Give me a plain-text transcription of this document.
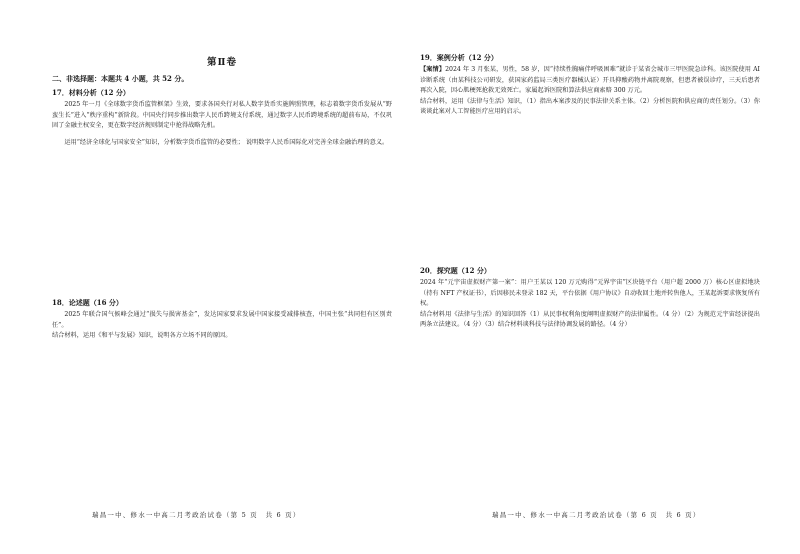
第Ⅱ卷
二、非选择题：本题共 4 小题，共 52 分。
17．材料分析（12 分）
2025 年一月《全球数字货币监管框架》生效，要求各国央行对私人数字货币实施牌照管理，标志着数字货币发展从“野蛮生长”进入“秩序重构”新阶段。中国央行同步推出数字人民币跨境支付系统，通过数字人民币跨境系统的超前布局，不仅巩固了金融主权安全，更在数字经济规则制定中抢得战略先机。
运用“经济全球化与国家安全”知识，分析数字货币监管的必要性； 说明数字人民币国际化对完善全球金融治理的意义。
18．论述题（16 分）
2025 年联合国气候峰会通过“损失与损害基金”，发达国家要求发展中国家接受减排核查，中国主张“共同但有区别责任”。
结合材料，运用《和平与发展》知识，说明各方立场不同的原因。
瑞昌一中、修水一中高二月考政治试卷（第 5 页　共 6 页）
19．案例分析（12 分）
【案情】2024 年 3 月张某，男性，58 岁，因“持续性胸痛伴呼吸困难”就诊于某省会城市三甲医院急诊科。该医院使用 AI 诊断系统（由某科技公司研发，获国家药监局三类医疗器械认证）开具抑酸药物并离院观察，但患者被误诊疗，三天后患者再次入院，因心肌梗死抢救无效死亡。家属起诉医院和算法供应商索赔 300 万元。
结合材料，运用《法律与生活》知识，（1）指出本案涉及的民事法律关系主体。（2）分析医院和供应商的责任划分。（3）你谈谈此案对人工智能医疗应用的启示。
20．探究题（12 分）
2024 年“元宇宙虚拟财产第一案”：用户王某以 120 万元购得“元界宇宙”区块链平台（用户超 2000 万）核心区虚拟地块（持有 NFT 产权证书），后因移民未登录 182 天，平台依据《用户协议》自动收回土地并转售他人，王某起诉要求恢复所有权。
结合材料用《法律与生活》的知识回答（1）从民事权利角度阐明虚拟财产的法律属性。（4 分）（2）为规范元宇宙经济提出两条立法建议。（4 分）（3）结合材料谈科技与法律协调发展的路径。（4 分）
瑞昌一中、修水一中高二月考政治试卷（第 6 页　共 6 页）
